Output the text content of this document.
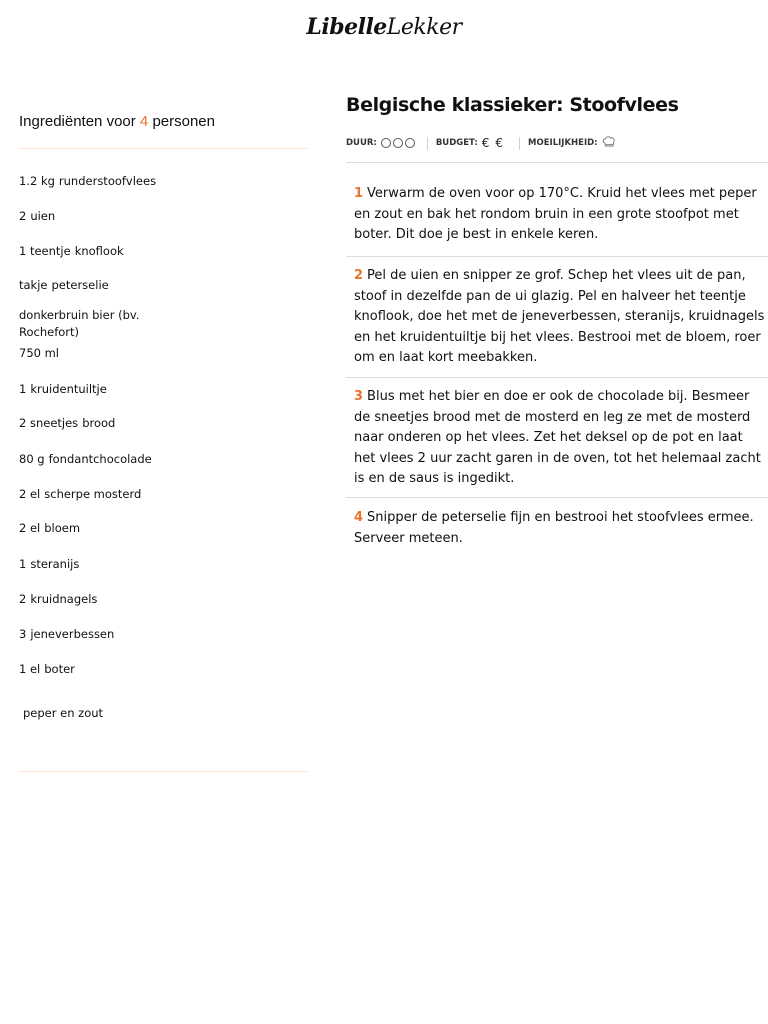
LibelleLekker
Ingrediënten voor 4 personen
1.2 kg runderstoofvlees
2 uien
1 teentje knoflook
takje peterselie
donkerbruin bier (bv. Rochefort)
750 ml
1 kruidentuiltje
2 sneetjes brood
80 g fondantchocolade
2 el scherpe mosterd
2 el bloem
1 steranijs
2 kruidnagels
3 jeneverbessen
1 el boter
peper en zout
Belgische klassieker: Stoofvlees
DUUR:	BUDGET: € €	MOEILIJKHEID:
1 Verwarm de oven voor op 170°C. Kruid het vlees met peper en zout en bak het rondom bruin in een grote stoofpot met boter. Dit doe je best in enkele keren.
2 Pel de uien en snipper ze grof. Schep het vlees uit de pan, stoof in dezelfde pan de ui glazig. Pel en halveer het teentje knoflook, doe het met de jeneverbessen, steranijs, kruidnagels en het kruidentuiltje bij het vlees. Bestrooi met de bloem, roer om en laat kort meebakken.
3 Blus met het bier en doe er ook de chocolade bij. Besmeer de sneetjes brood met de mosterd en leg ze met de mosterd naar onderen op het vlees. Zet het deksel op de pot en laat het vlees 2 uur zacht garen in de oven, tot het helemaal zacht is en de saus is ingedikt.
4 Snipper de peterselie fijn en bestrooi het stoofvlees ermee. Serveer meteen.
